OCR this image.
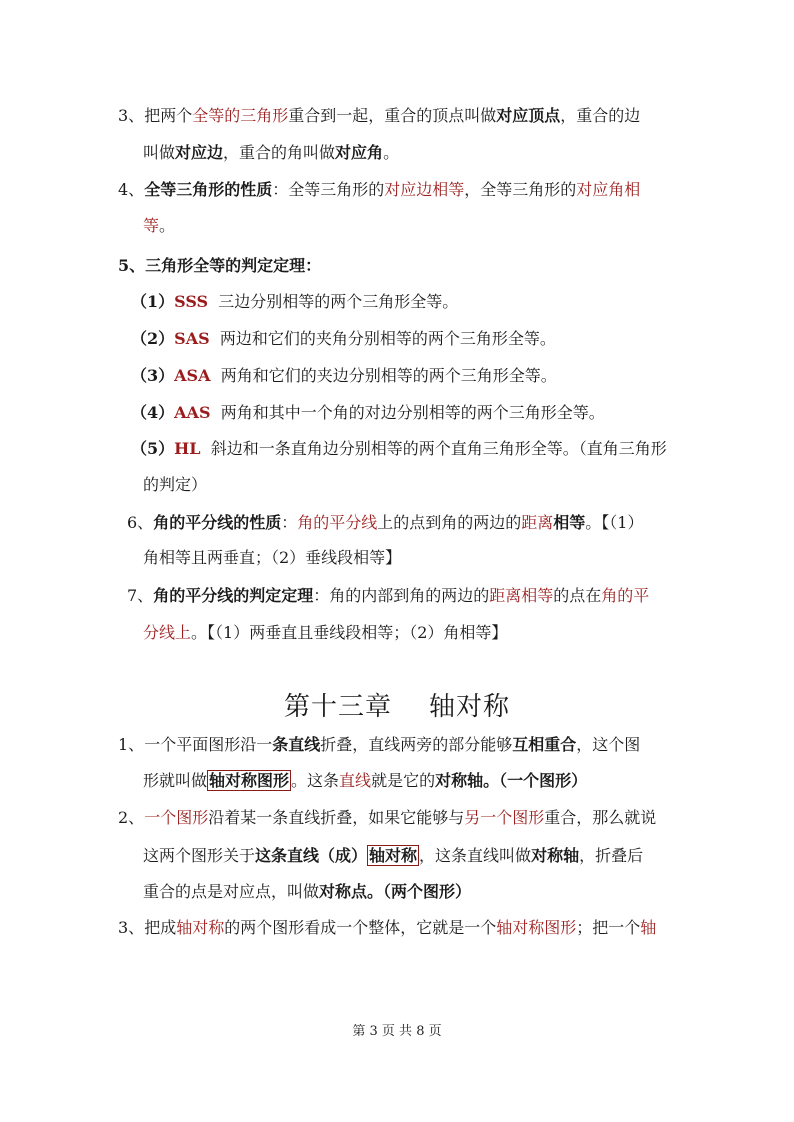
3、把两个全等的三角形重合到一起，重合的顶点叫做对应顶点，重合的边
叫做对应边，重合的角叫做对应角。
4、全等三角形的性质：全等三角形的对应边相等，全等三角形的对应角相
等。
5、三角形全等的判定定理：
（1）SSS 三边分别相等的两个三角形全等。
（2）SAS 两边和它们的夹角分别相等的两个三角形全等。
（3）ASA 两角和它们的夹边分别相等的两个三角形全等。
（4）AAS 两角和其中一个角的对边分别相等的两个三角形全等。
（5）HL 斜边和一条直角边分别相等的两个直角三角形全等。（直角三角形
的判定）
6、角的平分线的性质：角的平分线上的点到角的两边的距离相等。【（1）
角相等且两垂直；（2）垂线段相等】
7、角的平分线的判定定理：角的内部到角的两边的距离相等的点在角的平
分线上。【（1）两垂直且垂线段相等；（2）角相等】
第十三章    轴对称
1、一个平面图形沿一条直线折叠，直线两旁的部分能够互相重合，这个图
形就叫做 轴对称图形 。这条直线就是它的对称轴。（一个图形）
2、一个图形沿着某一条直线折叠，如果它能够与另一个图形重合，那么就说
这两个图形关于这条直线（成） 轴对称 ，这条直线叫做对称轴，折叠后
重合的点是对应点，叫做对称点。（两个图形）
3、把成轴对称的两个图形看成一个整体，它就是一个轴对称图形；把一个轴
第 3 页 共 8 页
